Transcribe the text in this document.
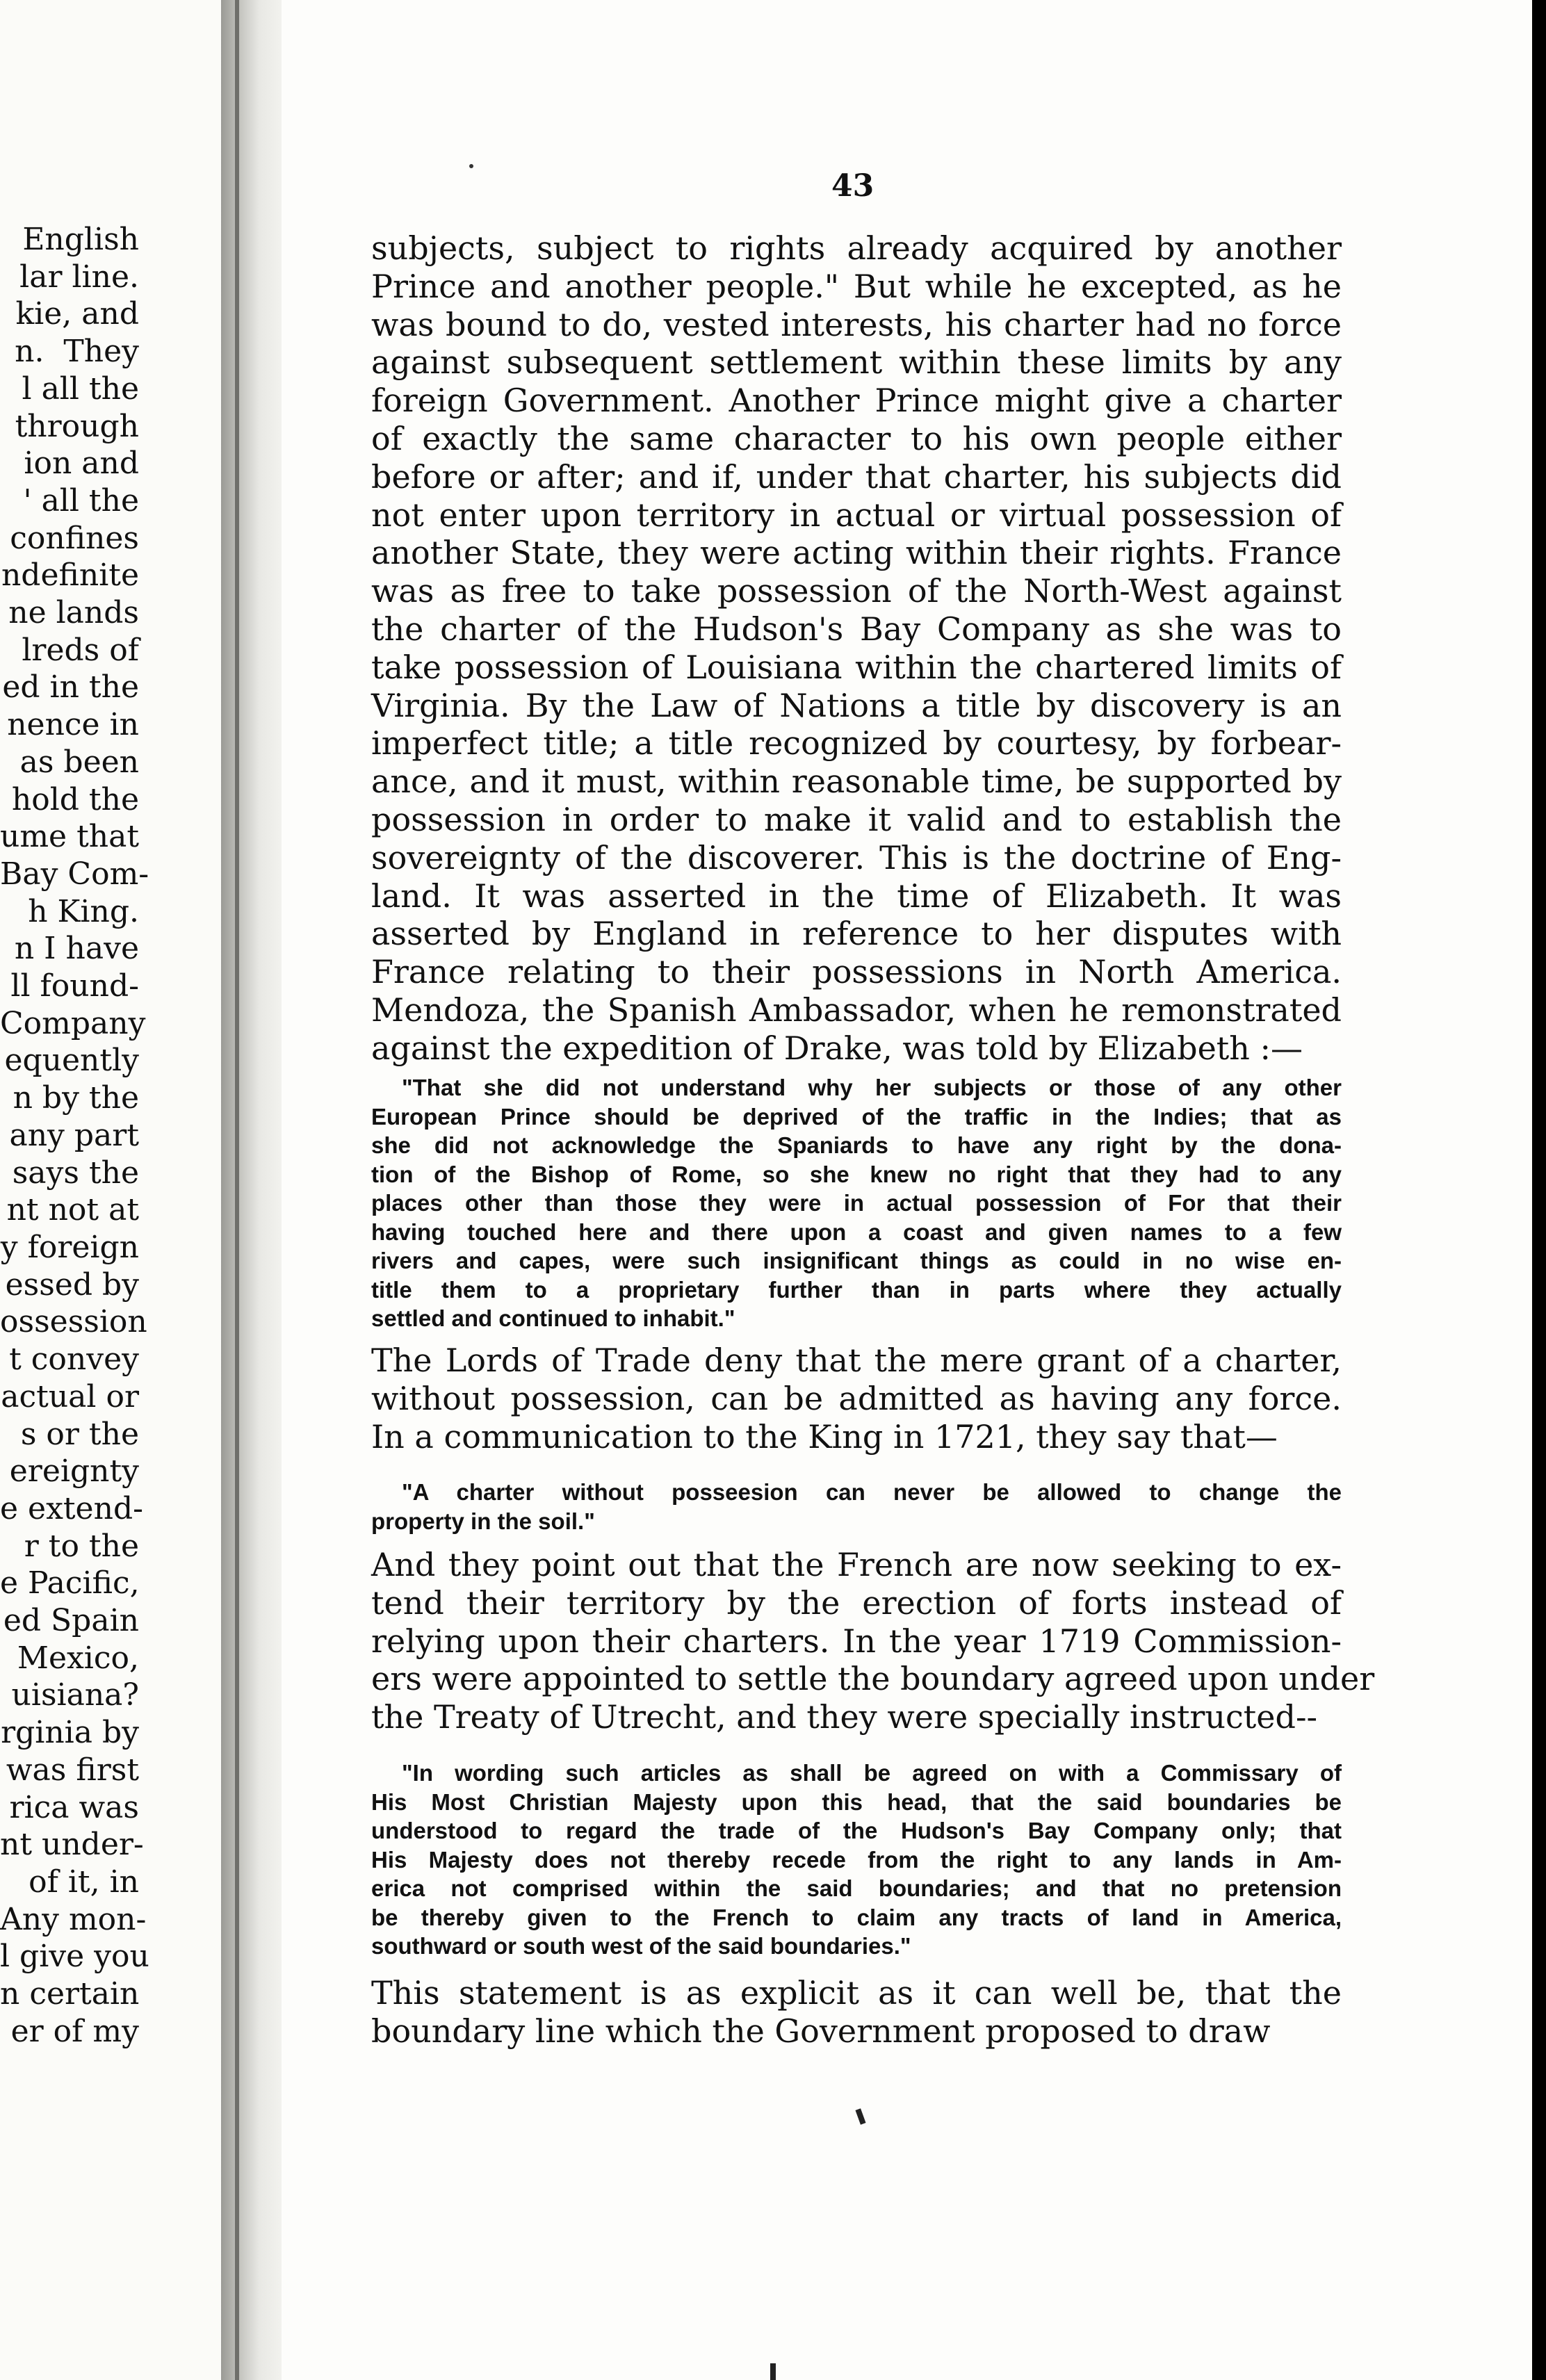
English
lar line.
kie, and
n.  They
l all the
through
ion and
' all the
confines
ndefinite
ne lands
lreds of
ed in the
nence in
as been
hold the
ume that
Bay Com-
h King.
n I have
ll found-
Company
equently
n by the
any part
says the
nt not at
y foreign
essed by
ossession
t convey
actual or
s or the
ereignty
e extend-
r to the
e Pacific,
ed Spain
Mexico,
uisiana?
rginia by
was first
rica was
nt under-
of it, in
Any mon-
l give you
n certain
er of my
43
subjects, subject to rights already acquired by another
Prince and another people." But while he excepted, as he
was bound to do, vested interests, his charter had no force
against subsequent settlement within these limits by any
foreign Government. Another Prince might give a charter
of exactly the same character to his own people either
before or after; and if, under that charter, his subjects did
not enter upon territory in actual or virtual possession of
another State, they were acting within their rights. France
was as free to take possession of the North-West against
the charter of the Hudson's Bay Company as she was to
take possession of Louisiana within the chartered limits of
Virginia. By the Law of Nations a title by discovery is an
imperfect title; a title recognized by courtesy, by forbear-
ance, and it must, within reasonable time, be supported by
possession in order to make it valid and to establish the
sovereignty of the discoverer. This is the doctrine of Eng-
land. It was asserted in the time of Elizabeth. It was
asserted by England in reference to her disputes with
France relating to their possessions in North America.
Mendoza, the Spanish Ambassador, when he remonstrated
against the expedition of Drake, was told by Elizabeth :—
"That she did not understand why her subjects or those of any other
European Prince should be deprived of the traffic in the Indies; that as
she did not acknowledge the Spaniards to have any right by the dona-
tion of the Bishop of Rome, so she knew no right that they had to any
places other than those they were in actual possession of For that their
having touched here and there upon a coast and given names to a few
rivers and capes, were such insignificant things as could in no wise en-
title them to a proprietary further than in parts where they actually
settled and continued to inhabit."
The Lords of Trade deny that the mere grant of a charter,
without possession, can be admitted as having any force.
In a communication to the King in 1721, they say that—
"A charter without posseesion can never be allowed to change the
property in the soil."
And they point out that the French are now seeking to ex-
tend their territory by the erection of forts instead of
relying upon their charters. In the year 1719 Commission-
ers were appointed to settle the boundary agreed upon under
the Treaty of Utrecht, and they were specially instructed--
"In wording such articles as shall be agreed on with a Commissary of
His Most Christian Majesty upon this head, that the said boundaries be
understood to regard the trade of the Hudson's Bay Company only; that
His Majesty does not thereby recede from the right to any lands in Am-
erica not comprised within the said boundaries; and that no pretension
be thereby given to the French to claim any tracts of land in America,
southward or south west of the said boundaries."
This statement is as explicit as it can well be, that the
boundary line which the Government proposed to draw
